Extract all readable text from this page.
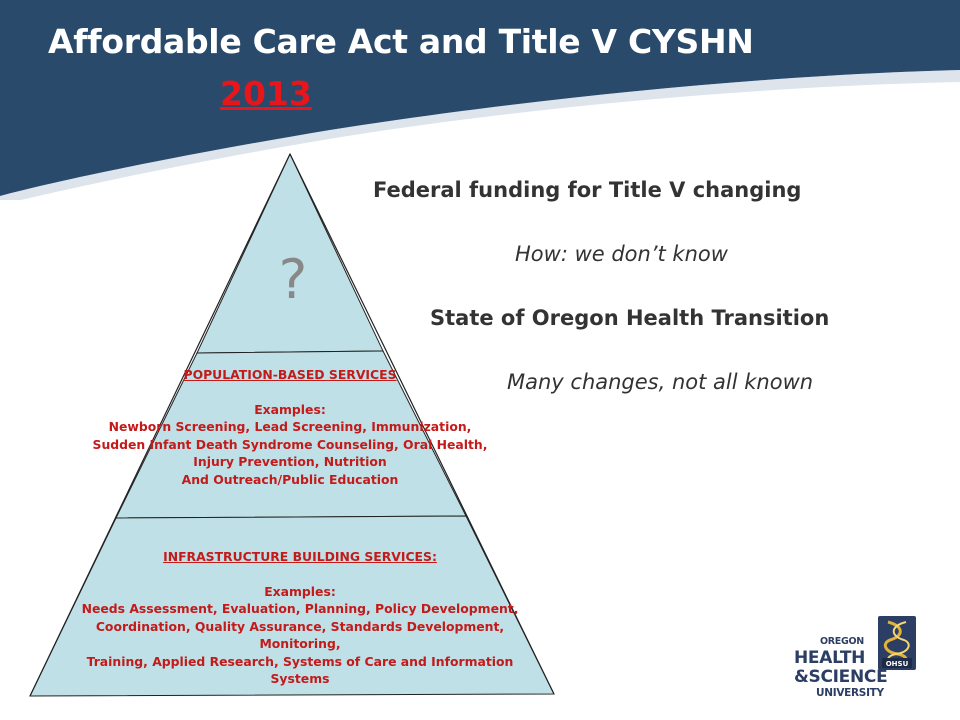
Affordable Care Act and Title V CYSHN
2013
?
POPULATION-BASED SERVICES
Examples:
Newborn Screening, Lead Screening, Immunization,
Sudden Infant Death Syndrome Counseling, Oral Health,
Injury Prevention, Nutrition
And Outreach/Public Education
INFRASTRUCTURE BUILDING SERVICES:
Examples:
Needs Assessment, Evaluation, Planning, Policy Development,
Coordination, Quality Assurance, Standards Development,
Monitoring,
Training, Applied Research, Systems of Care and Information
Systems
Federal funding for Title V changing
How: we don’t know
State of Oregon Health Transition
Many changes, not all known
OHSU
OREGON
HEALTH
&SCIENCE
UNIVERSITY
